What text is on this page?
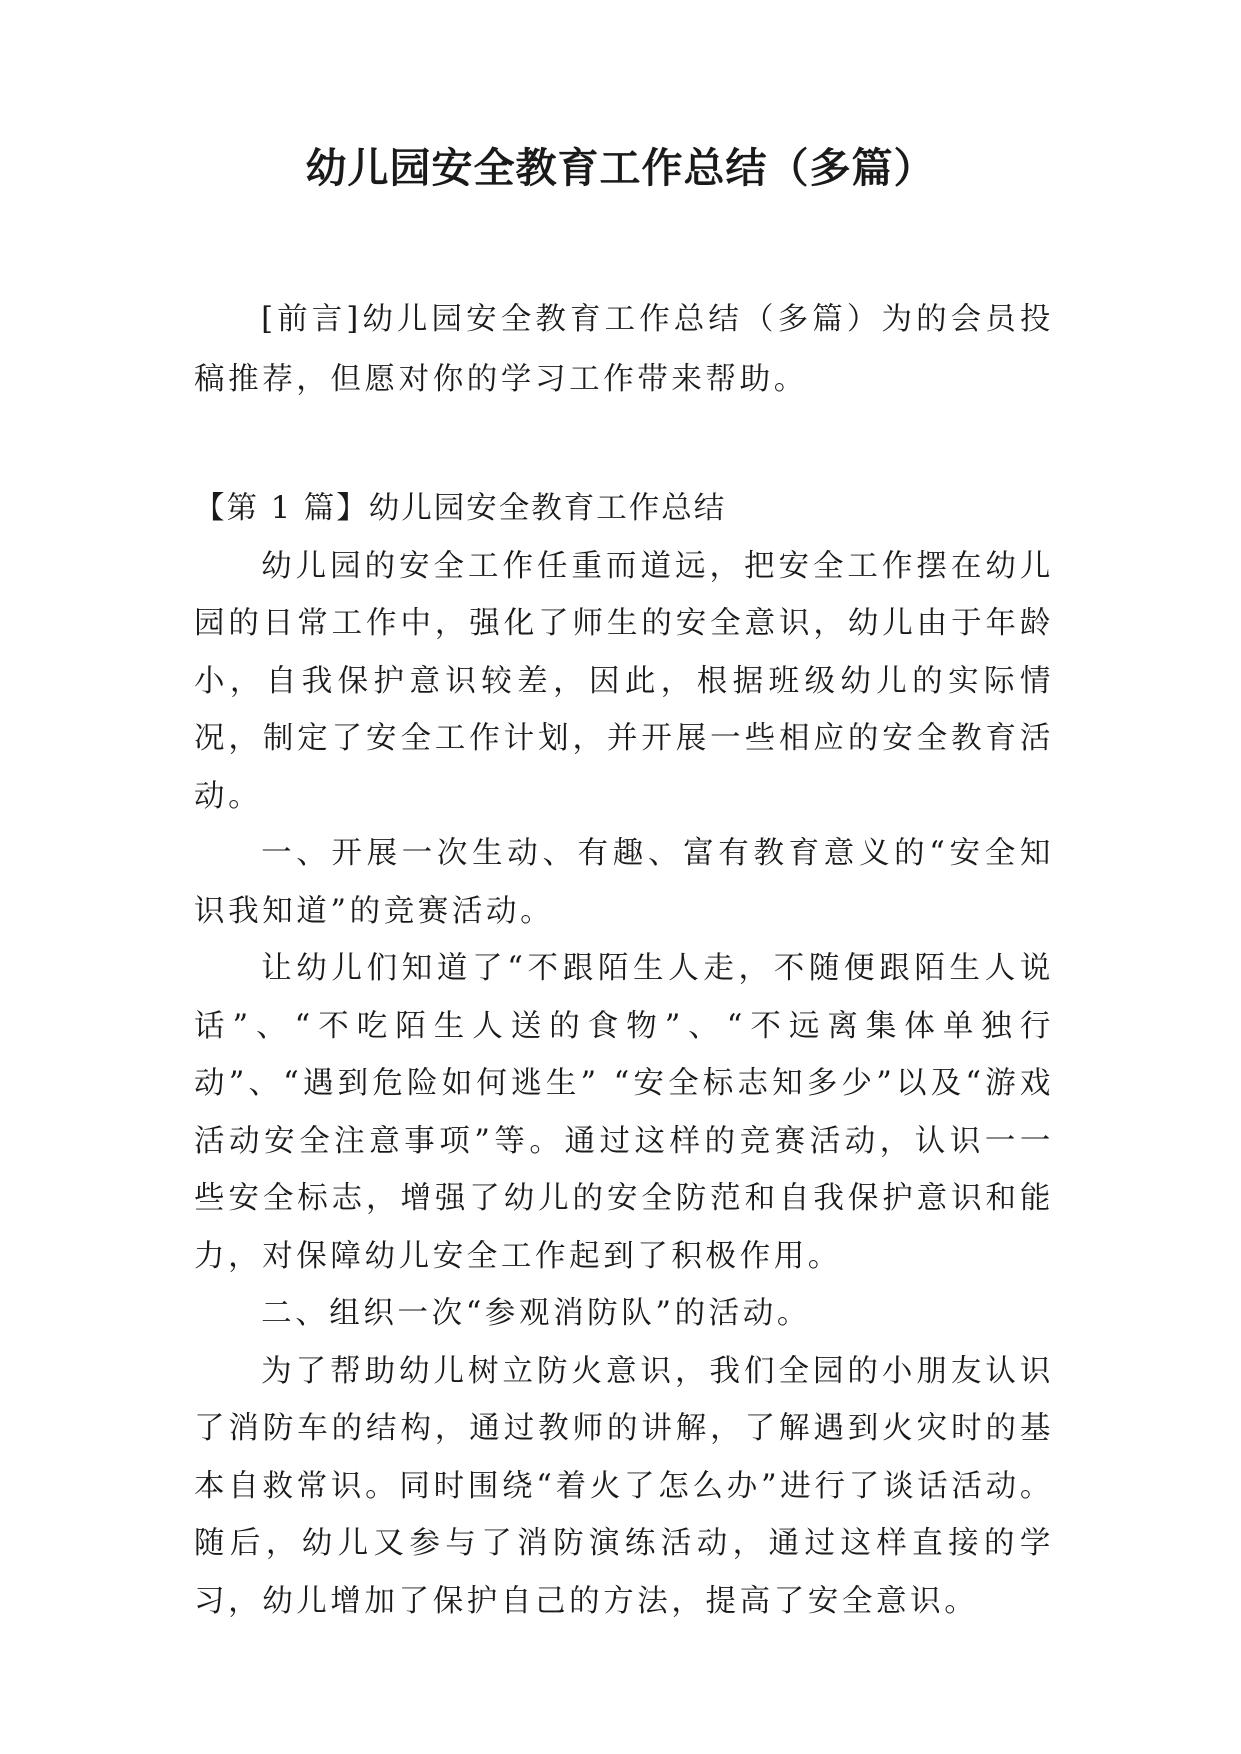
幼儿园安全教育工作总结（多篇）

[前言]幼儿园安全教育工作总结（多篇）为的会员投稿推荐，但愿对你的学习工作带来帮助。

【第 1 篇】幼儿园安全教育工作总结

幼儿园的安全工作任重而道远，把安全工作摆在幼儿园的日常工作中，强化了师生的安全意识，幼儿由于年龄小，自我保护意识较差，因此，根据班级幼儿的实际情况，制定了安全工作计划，并开展一些相应的安全教育活动。

一、开展一次生动、有趣、富有教育意义的“安全知识我知道”的竞赛活动。

让幼儿们知道了“不跟陌生人走，不随便跟陌生人说话”、“不吃陌生人送的食物”、“不远离集体单独行动”、“遇到危险如何逃生” “安全标志知多少”以及“游戏活动安全注意事项”等。通过这样的竞赛活动，认识一一些安全标志，增强了幼儿的安全防范和自我保护意识和能力，对保障幼儿安全工作起到了积极作用。

二、组织一次“参观消防队”的活动。

为了帮助幼儿树立防火意识，我们全园的小朋友认识了消防车的结构，通过教师的讲解，了解遇到火灾时的基本自救常识。同时围绕“着火了怎么办”进行了谈话活动。随后，幼儿又参与了消防演练活动，通过这样直接的学习，幼儿增加了保护自己的方法，提高了安全意识。
